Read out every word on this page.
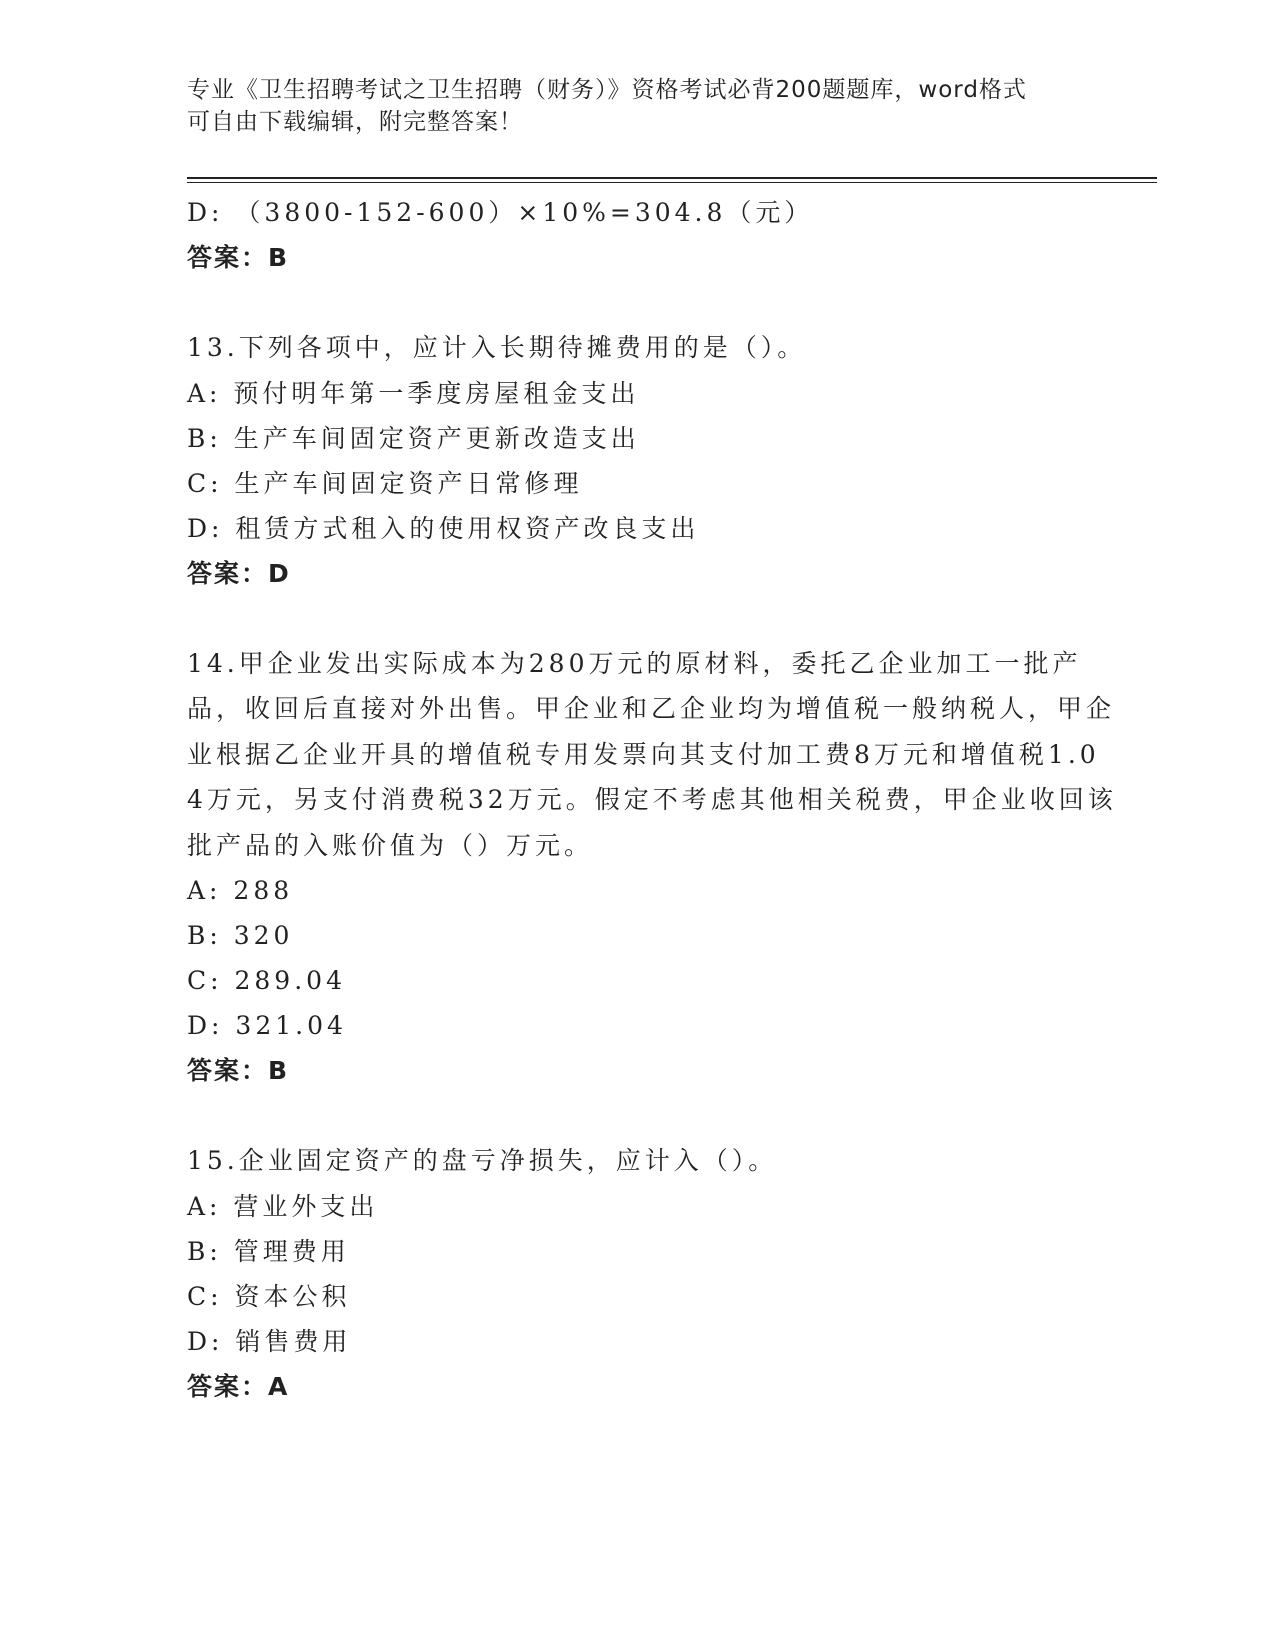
专业《卫生招聘考试之卫生招聘（财务）》资格考试必背200题题库，word格式
可自由下载编辑，附完整答案！
D: （3800-152-600）×10%=304.8（元）
答案：B
13.下列各项中，应计入长期待摊费用的是（）。
A: 预付明年第一季度房屋租金支出
B: 生产车间固定资产更新改造支出
C: 生产车间固定资产日常修理
D: 租赁方式租入的使用权资产改良支出
答案：D
14.甲企业发出实际成本为280万元的原材料，委托乙企业加工一批产品，收回后直接对外出售。甲企业和乙企业均为增值税一般纳税人，甲企业根据乙企业开具的增值税专用发票向其支付加工费8万元和增值税1.04万元，另支付消费税32万元。假定不考虑其他相关税费，甲企业收回该批产品的入账价值为（）万元。
A: 288
B: 320
C: 289.04
D: 321.04
答案：B
15.企业固定资产的盘亏净损失，应计入（）。
A: 营业外支出
B: 管理费用
C: 资本公积
D: 销售费用
答案：A
